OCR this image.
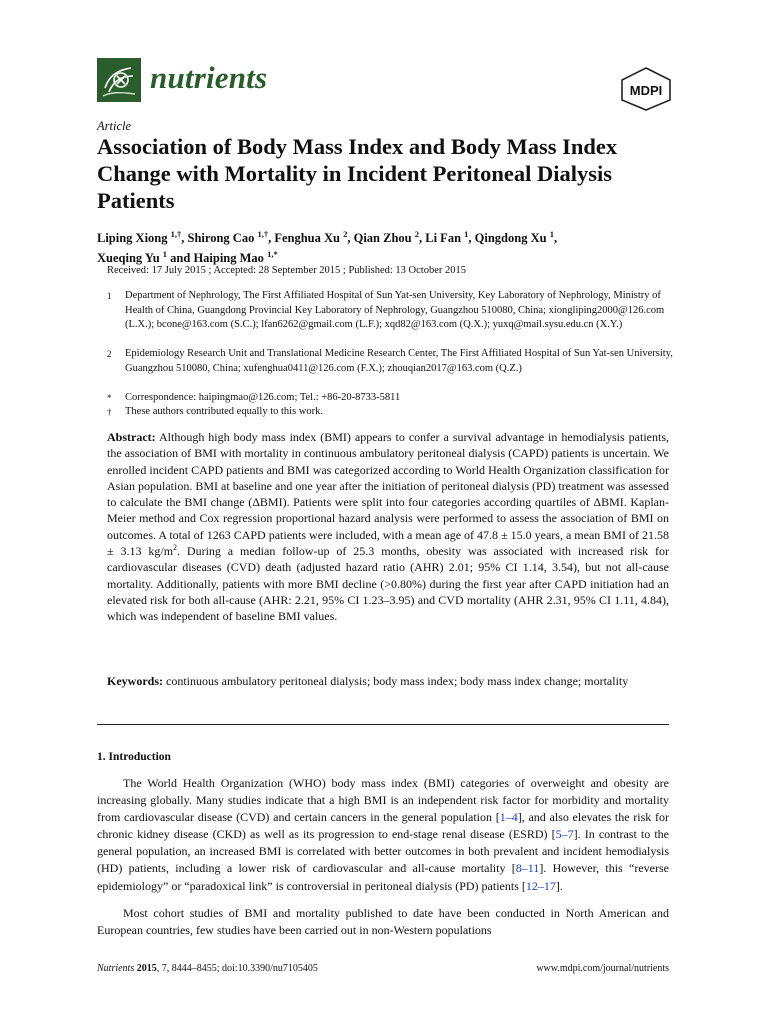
nutrients	MDPI
Article
Association of Body Mass Index and Body Mass Index Change with Mortality in Incident Peritoneal Dialysis Patients
Liping Xiong $^{1,\dagger}$, Shirong Cao $^{1,\dagger}$, Fenghua Xu $^2$, Qian Zhou $^2$, Li Fan $^1$, Qingdong Xu $^1$,
Xueqing Yu $^1$ and Haiping Mao $^{1,*}$
Received: 17 July 2015 ; Accepted: 28 September 2015 ; Published: 13 October 2015
1	Department of Nephrology, The First Affiliated Hospital of Sun Yat-sen University, Key Laboratory of Nephrology, Ministry of Health of China, Guangdong Provincial Key Laboratory of Nephrology, Guangzhou 510080, China; xiongliping2000@126.com (L.X.); bcone@163.com (S.C.); lfan6262@gmail.com (L.F.); xqd82@163.com (Q.X.); yuxq@mail.sysu.edu.cn (X.Y.)
2	Epidemiology Research Unit and Translational Medicine Research Center, The First Affiliated Hospital of Sun Yat-sen University, Guangzhou 510080, China; xufenghua0411@126.com (F.X.); zhouqian2017@163.com (Q.Z.)
*	Correspondence: haipingmao@126.com; Tel.: +86-20-8733-5811
†	These authors contributed equally to this work.

Abstract: Although high body mass index (BMI) appears to confer a survival advantage in hemodialysis patients, the association of BMI with mortality in continuous ambulatory peritoneal dialysis (CAPD) patients is uncertain. We enrolled incident CAPD patients and BMI was categorized according to World Health Organization classification for Asian population. BMI at baseline and one year after the initiation of peritoneal dialysis (PD) treatment was assessed to calculate the BMI change (ΔBMI). Patients were split into four categories according quartiles of ΔBMI. Kaplan-Meier method and Cox regression proportional hazard analysis were performed to assess the association of BMI on outcomes. A total of 1263 CAPD patients were included, with a mean age of 47.8 ± 15.0 years, a mean BMI of 21.58 ± 3.13 $kg/m^2$. During a median follow-up of 25.3 months, obesity was associated with increased risk for cardiovascular diseases (CVD) death (adjusted hazard ratio (AHR) 2.01; 95% CI 1.14, 3.54), but not all-cause mortality. Additionally, patients with more BMI decline (>0.80%) during the first year after CAPD initiation had an elevated risk for both all-cause (AHR: 2.21, 95% CI 1.23–3.95) and CVD mortality (AHR 2.31, 95% CI 1.11, 4.84), which was independent of baseline BMI values.

Keywords: continuous ambulatory peritoneal dialysis; body mass index; body mass index change; mortality

1. Introduction

The World Health Organization (WHO) body mass index (BMI) categories of overweight and obesity are increasing globally. Many studies indicate that a high BMI is an independent risk factor for morbidity and mortality from cardiovascular disease (CVD) and certain cancers in the general population [1–4], and also elevates the risk for chronic kidney disease (CKD) as well as its progression to end-stage renal disease (ESRD) [5–7]. In contrast to the general population, an increased BMI is correlated with better outcomes in both prevalent and incident hemodialysis (HD) patients, including a lower risk of cardiovascular and all-cause mortality [8–11]. However, this “reverse epidemiology” or “paradoxical link” is controversial in peritoneal dialysis (PD) patients [12–17].

Most cohort studies of BMI and mortality published to date have been conducted in North American and European countries, few studies have been carried out in non-Western populations

Nutrients 2015, 7, 8444–8455; doi:10.3390/nu7105405	www.mdpi.com/journal/nutrients
